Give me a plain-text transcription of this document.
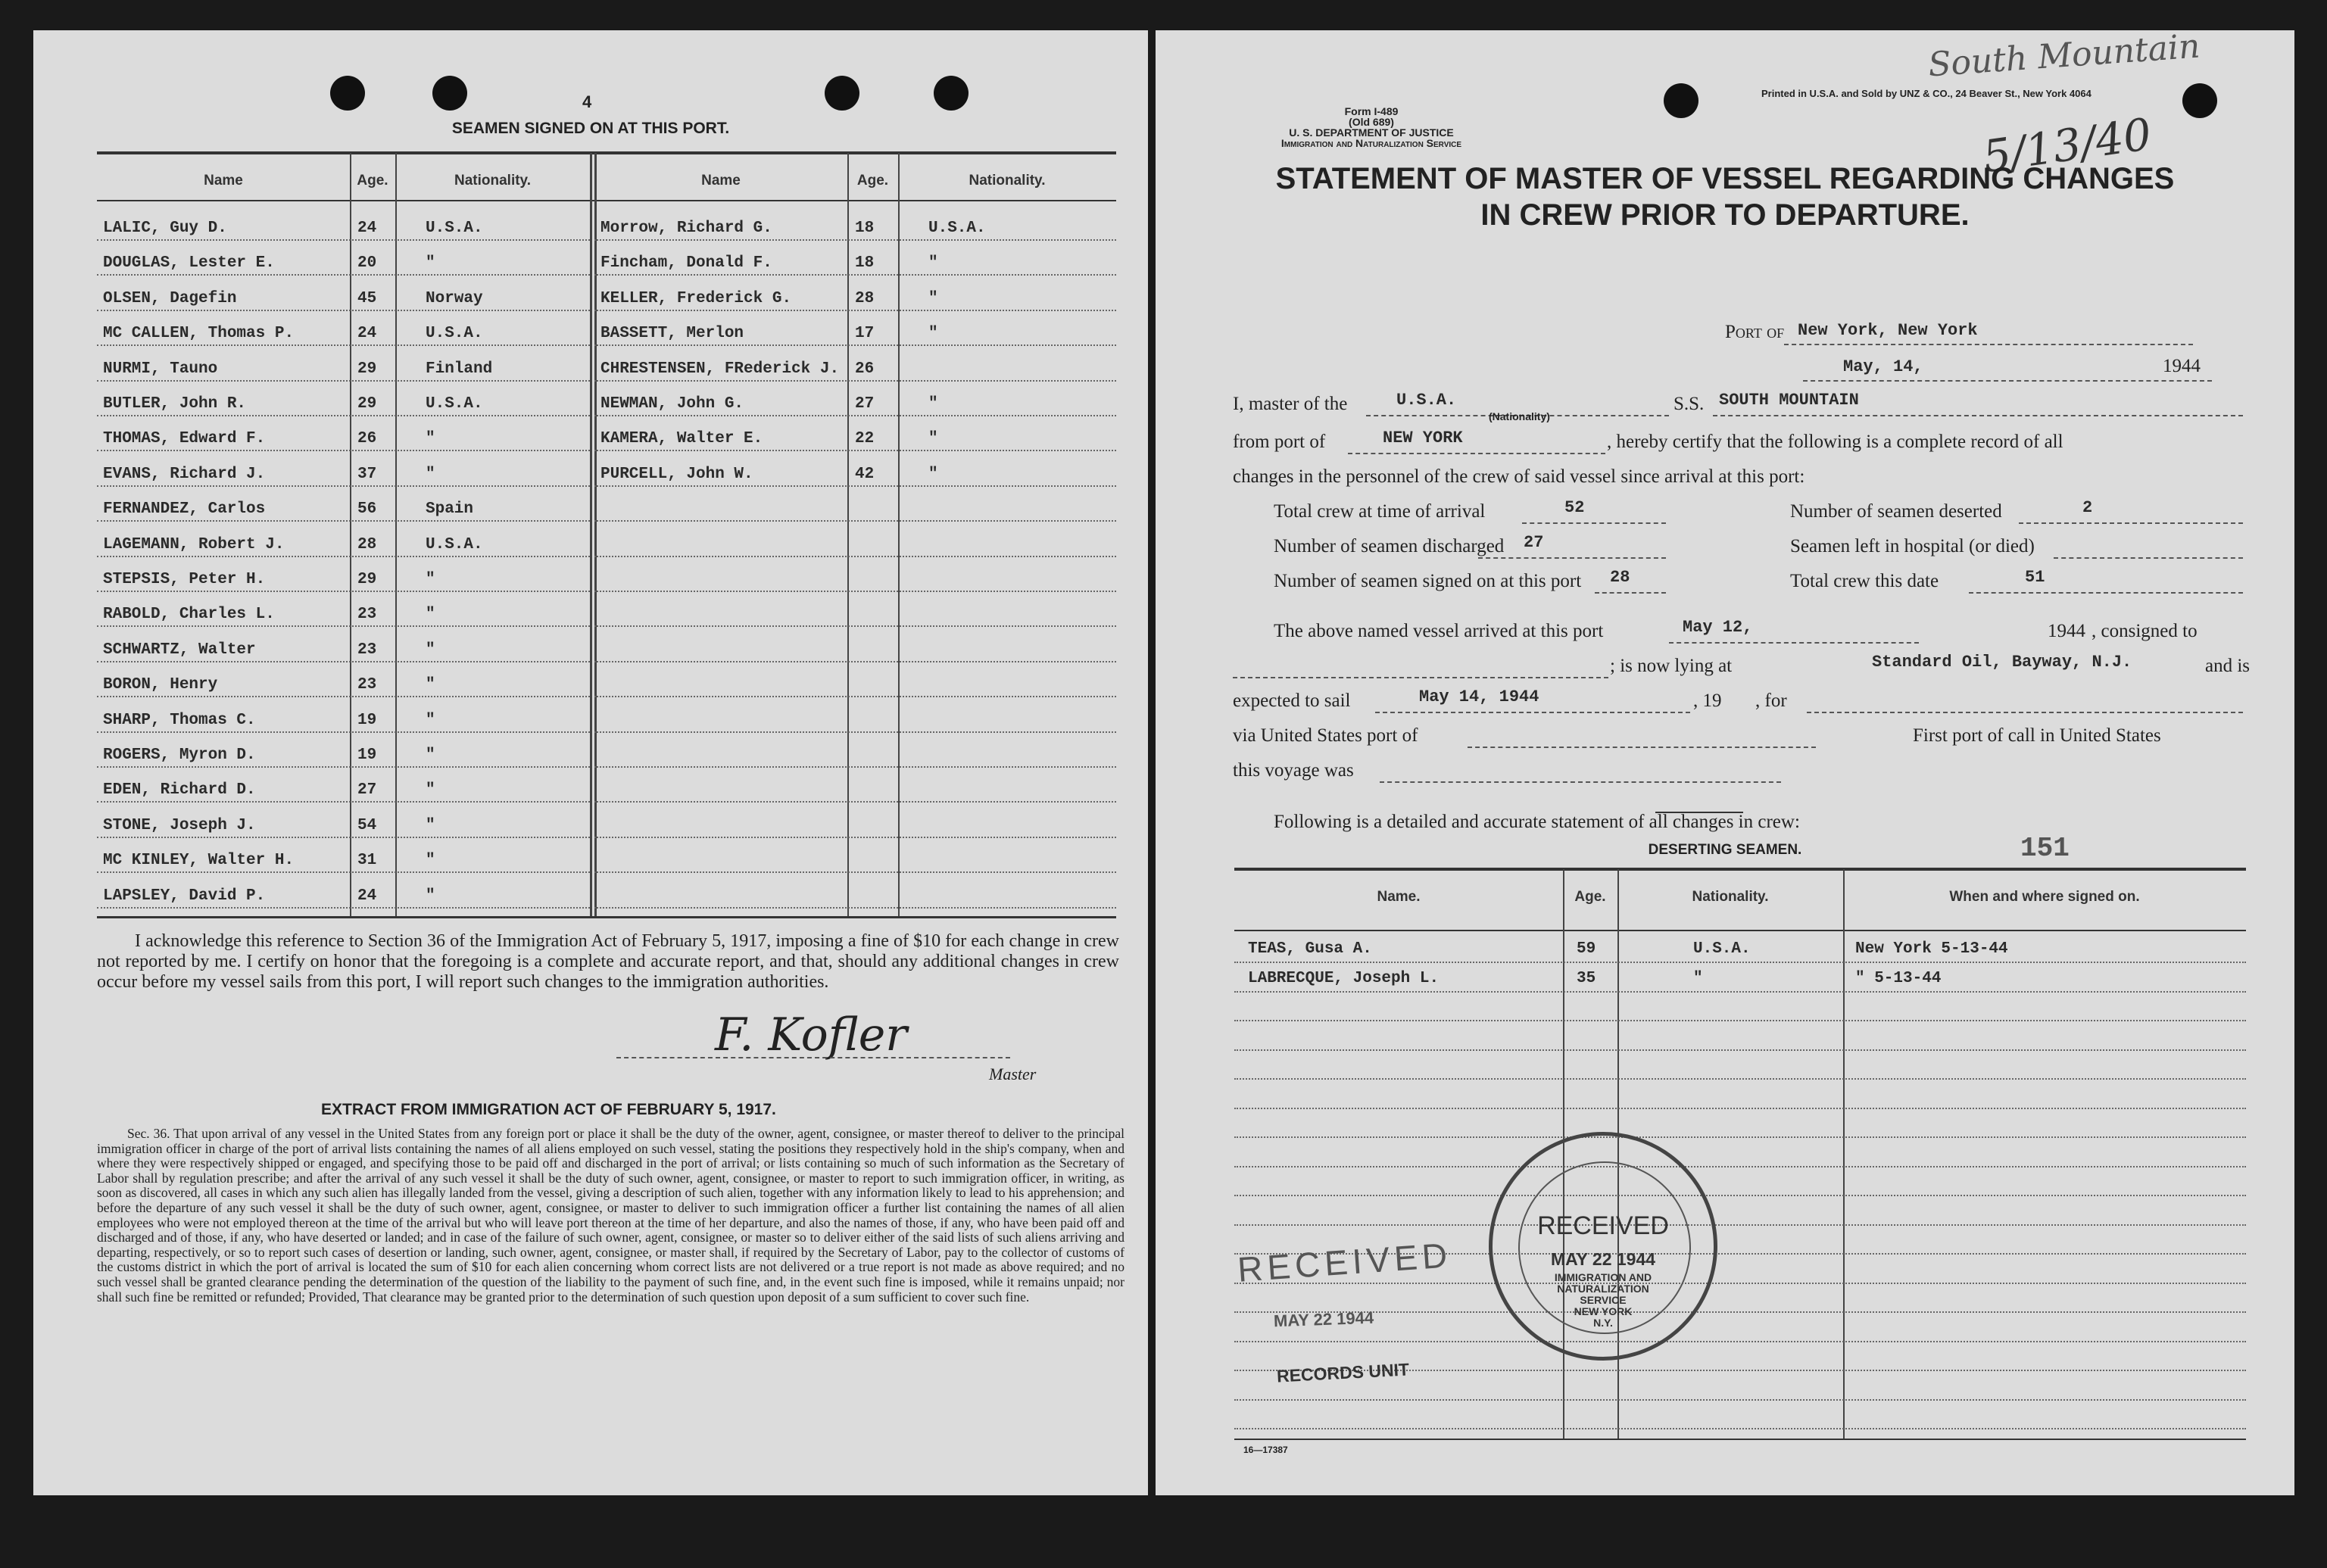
4
SEAMEN SIGNED ON AT THIS PORT.
Name	Age.	Nationality.	Name	Age.	Nationality.
LALIC, Guy D.	24	U.S.A.
DOUGLAS, Lester E.	20	"
OLSEN, Dagefin	45	Norway
MC CALLEN, Thomas P.	24	U.S.A.
NURMI, Tauno	29	Finland
BUTLER, John R.	29	U.S.A.
THOMAS, Edward F.	26	"
EVANS, Richard J.	37	"
FERNANDEZ, Carlos	56	Spain
LAGEMANN, Robert J.	28	U.S.A.
STEPSIS, Peter H.	29	"
RABOLD, Charles L.	23	"
SCHWARTZ, Walter	23	"
BORON, Henry	23	"
SHARP, Thomas C.	19	"
ROGERS, Myron D.	19	"
EDEN, Richard D.	27	"
STONE, Joseph J.	54	"
MC KINLEY, Walter H.	31	"
LAPSLEY, David P.	24	"
Morrow, Richard G.	18	U.S.A.
Fincham, Donald F.	18	"
KELLER, Frederick G.	28	"
BASSETT, Merlon	17	"
CHRESTENSEN, FRederick J. 26
NEWMAN, John G.	27	"
KAMERA, Walter E.	22	"
PURCELL, John W.	42	"
I acknowledge this reference to Section 36 of the Immigration Act of February 5, 1917, imposing a fine of $10 for each change in crew not reported by me. I certify on honor that the foregoing is a complete and accurate report, and that, should any additional changes in crew occur before my vessel sails from this port, I will report such changes to the immigration authorities.
F. Kofler
Master
EXTRACT FROM IMMIGRATION ACT OF FEBRUARY 5, 1917.
Sec. 36. That upon arrival of any vessel in the United States from any foreign port or place it shall be the duty of the owner, agent, consignee, or master thereof to deliver to the principal immigration officer in charge of the port of arrival lists containing the names of all aliens employed on such vessel, stating the positions they respectively hold in the ship's company, when and where they were respectively shipped or engaged, and specifying those to be paid off and discharged in the port of arrival; or lists containing so much of such information as the Secretary of Labor shall by regulation prescribe; and after the arrival of any such vessel it shall be the duty of such owner, agent, consignee, or master to report to such immigration officer, in writing, as soon as discovered, all cases in which any such alien has illegally landed from the vessel, giving a description of such alien, together with any information likely to lead to his apprehension; and before the departure of any such vessel it shall be the duty of such owner, agent, consignee, or master to deliver to such immigration officer a further list containing the names of all alien employees who were not employed thereon at the time of the arrival but who will leave port thereon at the time of her departure, and also the names of those, if any, who have been paid off and discharged and of those, if any, who have deserted or landed; and in case of the failure of such owner, agent, consignee, or master so to deliver either of the said lists of such aliens arriving and departing, respectively, or so to report such cases of desertion or landing, such owner, agent, consignee, or master shall, if required by the Secretary of Labor, pay to the collector of customs of the customs district in which the port of arrival is located the sum of $10 for each alien concerning whom correct lists are not delivered or a true report is not made as above required; and no such vessel shall be granted clearance pending the determination of the question of the liability to the payment of such fine, and, in the event such fine is imposed, while it remains unpaid; nor shall such fine be remitted or refunded; Provided, That clearance may be granted prior to the determination of such question upon deposit of a sum sufficient to cover such fine.
South Mountain
5/13/40
Form I-489
(Old 689)
U. S. DEPARTMENT OF JUSTICE
Immigration and Naturalization Service
Printed in U.S.A. and Sold by UNZ & CO., 24 Beaver St., New York 4064
STATEMENT OF MASTER OF VESSEL REGARDING CHANGES
IN CREW PRIOR TO DEPARTURE.
Port of New York, New York
May, 14,	1944
I, master of the	U.S.A.
(Nationality)
S.S. SOUTH MOUNTAIN
from port of	NEW YORK	, hereby certify that the following is a complete record of all
changes in the personnel of the crew of said vessel since arrival at this port:
Total crew at time of arrival	52	Number of seamen deserted	2
Number of seamen discharged 27	Seamen left in hospital (or died)
Number of seamen signed on at this port 28	Total crew this date	51
The above named vessel arrived at this port	May 12,	1944 , consigned to
; is now lying at	Standard Oil, Bayway, N.J.	and is
expected to sail	May 14, 1944	, 19 , for
via United States port of	First port of call in United States
this voyage was
Following is a detailed and accurate statement of all changes in crew:
DESERTING SEAMEN.	151
Name.	Age.	Nationality.	When and where signed on.
TEAS, Gusa A.	59	U.S.A.	New York 5-13-44
LABRECQUE, Joseph L.	35	"	" 5-13-44
RECEIVED
MAY 22 1944
IMMIGRATION AND
NATURALIZATION
SERVICE
NEW YORK
N.Y.
RECEIVED
MAY 22 1944
RECORDS UNIT
16—17387
